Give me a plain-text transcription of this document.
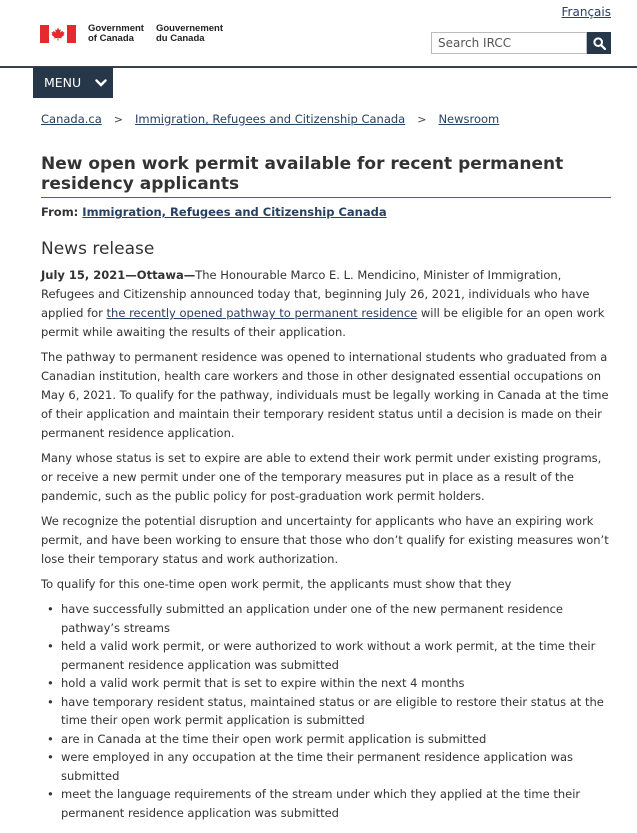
Français
Government
of Canada
Gouvernement
du Canada	Search IRCC
MENU
Canada.ca > Immigration, Refugees and Citizenship Canada > Newsroom
New open work permit available for recent permanent residency applicants
From: Immigration, Refugees and Citizenship Canada
News release

July 15, 2021—Ottawa—The Honourable Marco E. L. Mendicino, Minister of Immigration, Refugees and Citizenship announced today that, beginning July 26, 2021, individuals who have applied for the recently opened pathway to permanent residence will be eligible for an open work permit while awaiting the results of their application.

The pathway to permanent residence was opened to international students who graduated from a Canadian institution, health care workers and those in other designated essential occupations on May 6, 2021. To qualify for the pathway, individuals must be legally working in Canada at the time of their application and maintain their temporary resident status until a decision is made on their permanent residence application.

Many whose status is set to expire are able to extend their work permit under existing programs, or receive a new permit under one of the temporary measures put in place as a result of the pandemic, such as the public policy for post-graduation work permit holders.

We recognize the potential disruption and uncertainty for applicants who have an expiring work permit, and have been working to ensure that those who don’t qualify for existing measures won’t lose their temporary status and work authorization.

To qualify for this one-time open work permit, the applicants must show that they

• have successfully submitted an application under one of the new permanent residence pathway’s streams
• held a valid work permit, or were authorized to work without a work permit, at the time their permanent residence application was submitted
• hold a valid work permit that is set to expire within the next 4 months
• have temporary resident status, maintained status or are eligible to restore their status at the time their open work permit application is submitted
• are in Canada at the time their open work permit application is submitted
• were employed in any occupation at the time their permanent residence application was submitted
• meet the language requirements of the stream under which they applied at the time their permanent residence application was submitted
